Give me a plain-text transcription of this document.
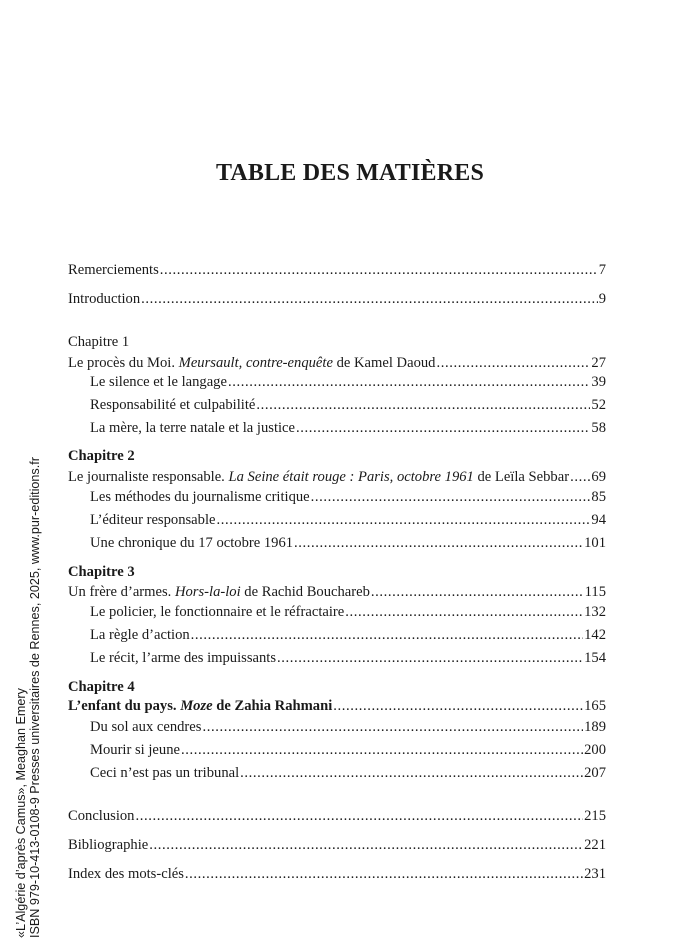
TABLE DES MATIÈRES
Remerciements .....	7
Introduction .....	9
Chapitre 1
Le procès du Moi. Meursault, contre-enquête de Kamel Daoud .....	27
Le silence et le langage .....	39
Responsabilité et culpabilité .....	52
La mère, la terre natale et la justice .....	58
Chapitre 2
Le journaliste responsable. La Seine était rouge : Paris, octobre 1961 de Leïla Sebbar ..... 69
Les méthodes du journalisme critique .....	85
L’éditeur responsable .....	94
Une chronique du 17 octobre 1961 .....	101
Chapitre 3
Un frère d’armes. Hors-la-loi de Rachid Bouchareb .....	115
Le policier, le fonctionnaire et le réfractaire .....	132
La règle d’action .....	142
Le récit, l’arme des impuissants .....	154
Chapitre 4
L’enfant du pays. Moze de Zahia Rahmani .....	165
Du sol aux cendres .....	189
Mourir si jeune .....	200
Ceci n’est pas un tribunal .....	207
Conclusion .....	215
Bibliographie .....	221
Index des mots-clés .....	231
«L’Algérie d’après Camus», Meaghan Emery ISBN 979-10-413-0108-9 Presses universitaires de Rennes, 2025, www.pur-editions.fr
